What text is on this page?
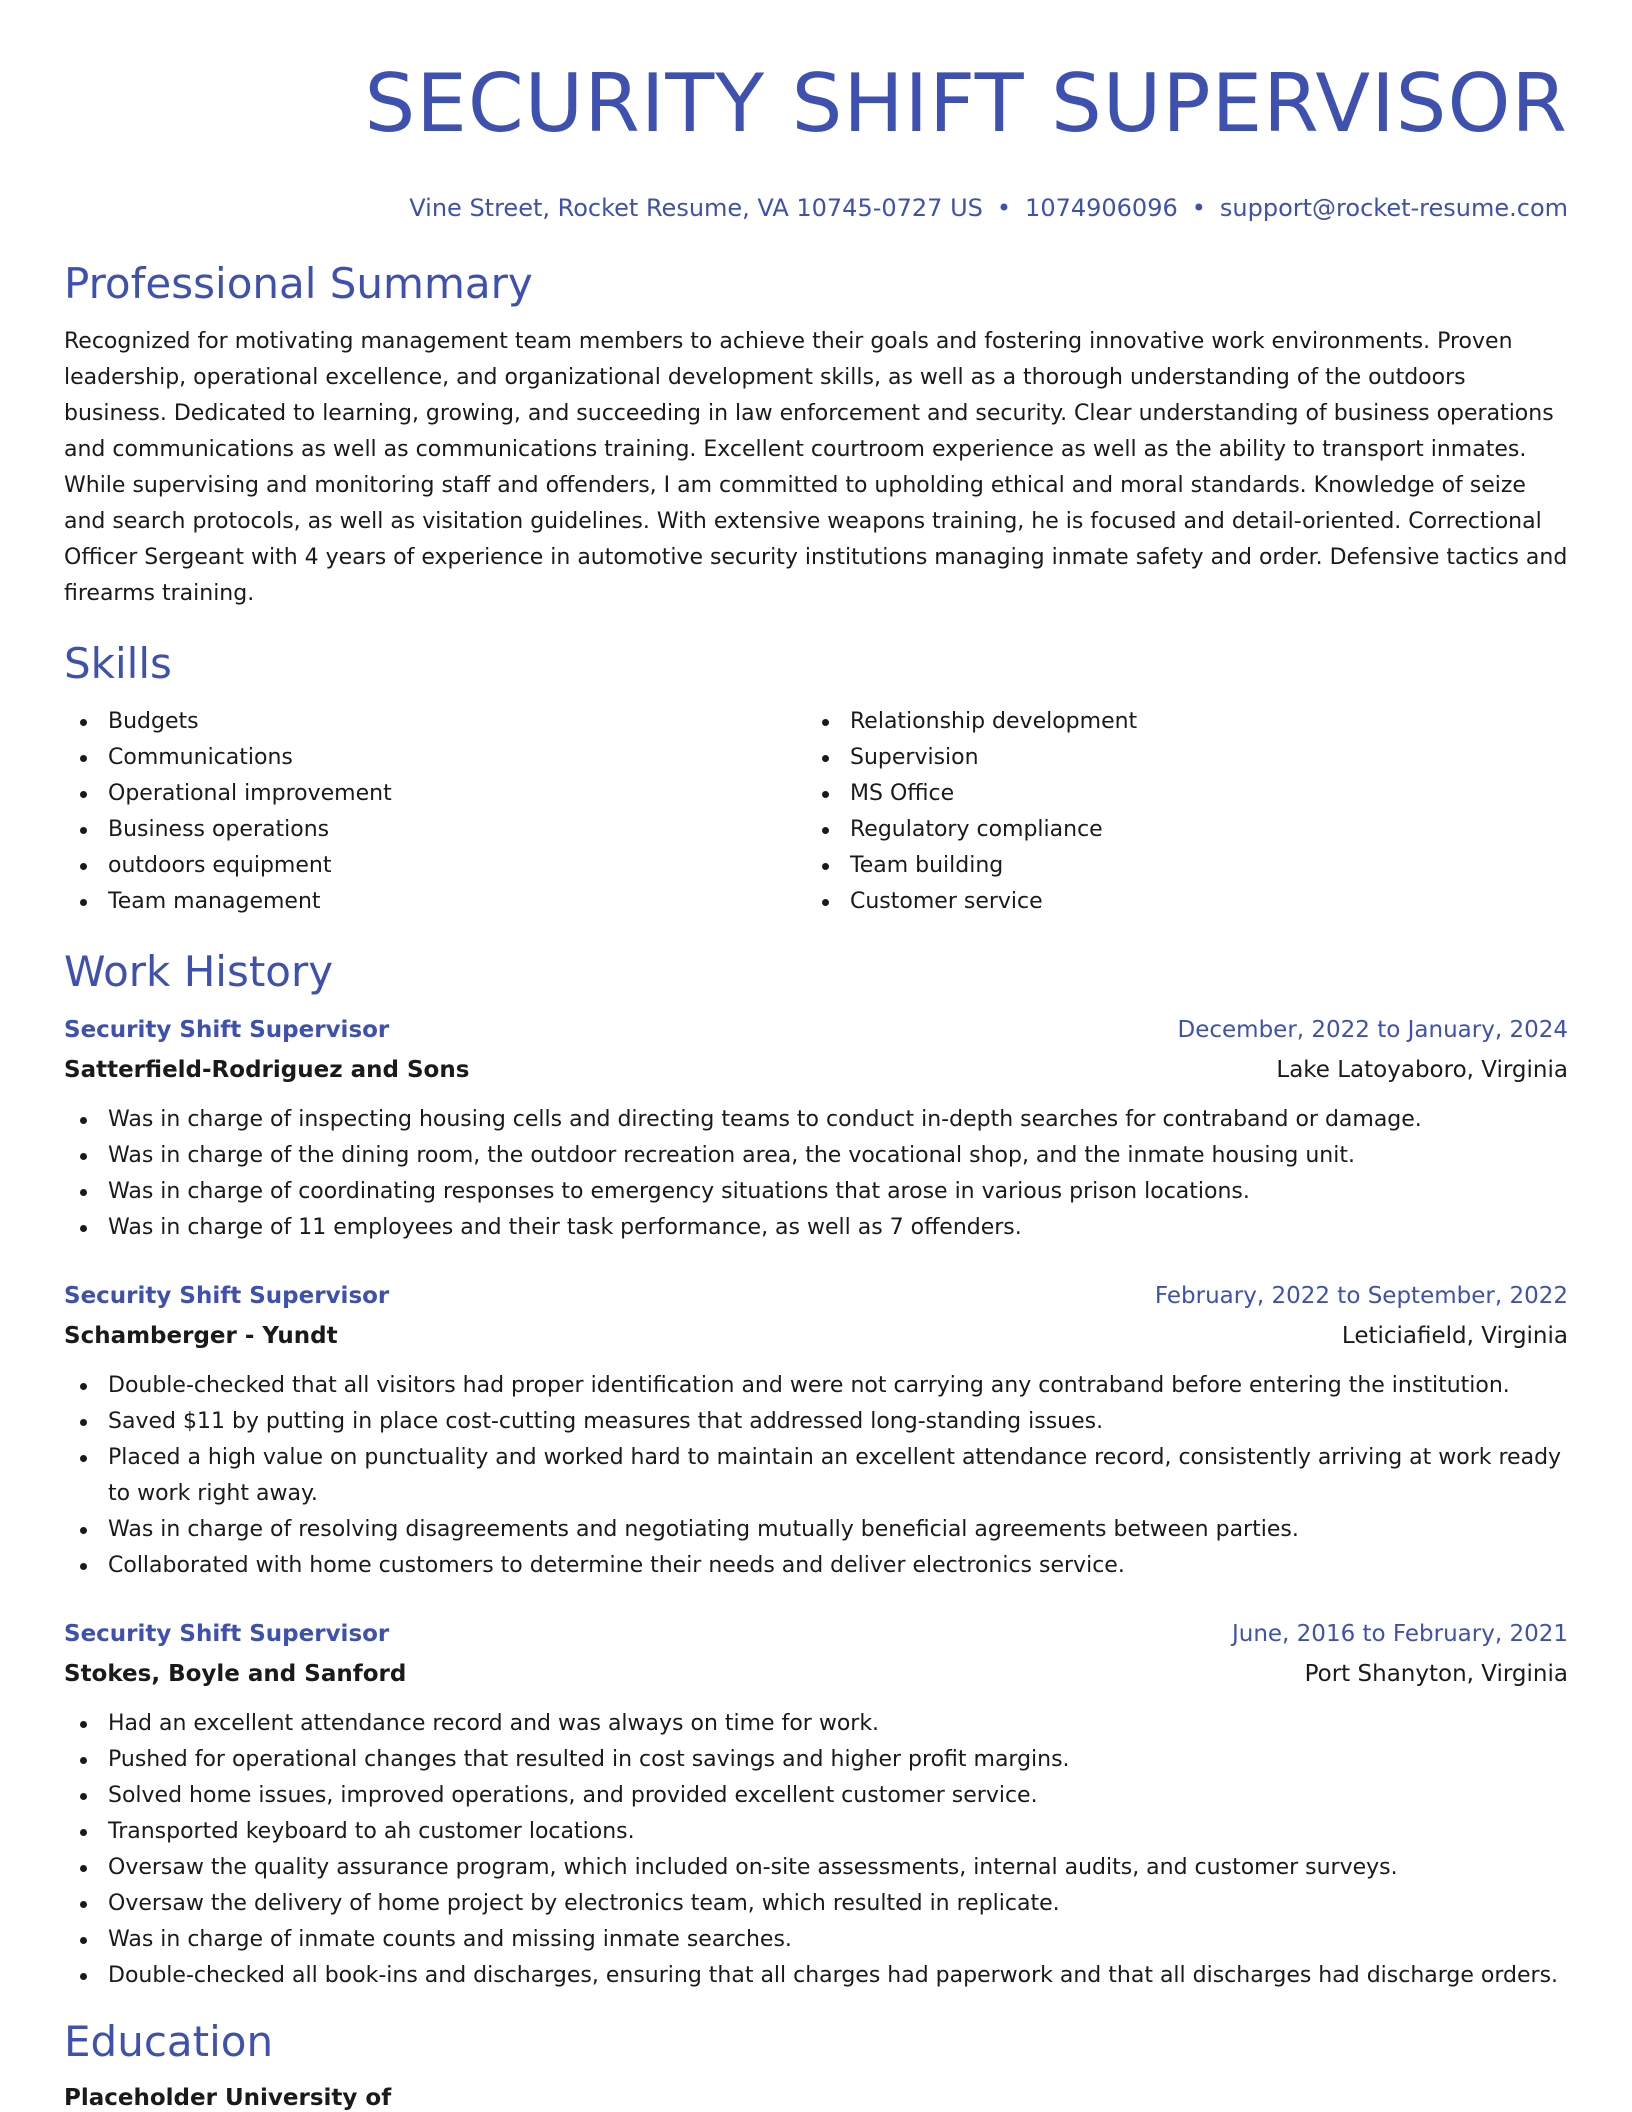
SECURITY SHIFT SUPERVISOR
Vine Street, Rocket Resume, VA 10745-0727 US • 1074906096 • support@rocket-resume.com
Professional Summary

Recognized for motivating management team members to achieve their goals and fostering innovative work environments. Proven leadership, operational excellence, and organizational development skills, as well as a thorough understanding of the outdoors business. Dedicated to learning, growing, and succeeding in law enforcement and security. Clear understanding of business operations and communications as well as communications training. Excellent courtroom experience as well as the ability to transport inmates. While supervising and monitoring staff and offenders, I am committed to upholding ethical and moral standards. Knowledge of seize and search protocols, as well as visitation guidelines. With extensive weapons training, he is focused and detail-oriented. Correctional Officer Sergeant with 4 years of experience in automotive security institutions managing inmate safety and order. Defensive tactics and firearms training.

Skills
Budgets
Communications
Operational improvement
Business operations
outdoors equipment
Team management
Relationship development
Supervision
MS Office
Regulatory compliance
Team building
Customer service
Work History
Security Shift Supervisor	December, 2022 to January, 2024
Satterfield-Rodriguez and Sons	Lake Latoyaboro, Virginia
Was in charge of inspecting housing cells and directing teams to conduct in-depth searches for contraband or damage.
Was in charge of the dining room, the outdoor recreation area, the vocational shop, and the inmate housing unit.
Was in charge of coordinating responses to emergency situations that arose in various prison locations.
Was in charge of 11 employees and their task performance, as well as 7 offenders.
Security Shift Supervisor	February, 2022 to September, 2022
Schamberger - Yundt	Leticiafield, Virginia
Double-checked that all visitors had proper identification and were not carrying any contraband before entering the institution.
Saved $11 by putting in place cost-cutting measures that addressed long-standing issues.
Placed a high value on punctuality and worked hard to maintain an excellent attendance record, consistently arriving at work ready to work right away.
Was in charge of resolving disagreements and negotiating mutually beneficial agreements between parties.
Collaborated with home customers to determine their needs and deliver electronics service.
Security Shift Supervisor	June, 2016 to February, 2021
Stokes, Boyle and Sanford	Port Shanyton, Virginia
Had an excellent attendance record and was always on time for work.
Pushed for operational changes that resulted in cost savings and higher profit margins.
Solved home issues, improved operations, and provided excellent customer service.
Transported keyboard to ah customer locations.
Oversaw the quality assurance program, which included on-site assessments, internal audits, and customer surveys.
Oversaw the delivery of home project by electronics team, which resulted in replicate.
Was in charge of inmate counts and missing inmate searches.
Double-checked all book-ins and discharges, ensuring that all charges had paperwork and that all discharges had discharge orders.
Education
Placeholder University of
